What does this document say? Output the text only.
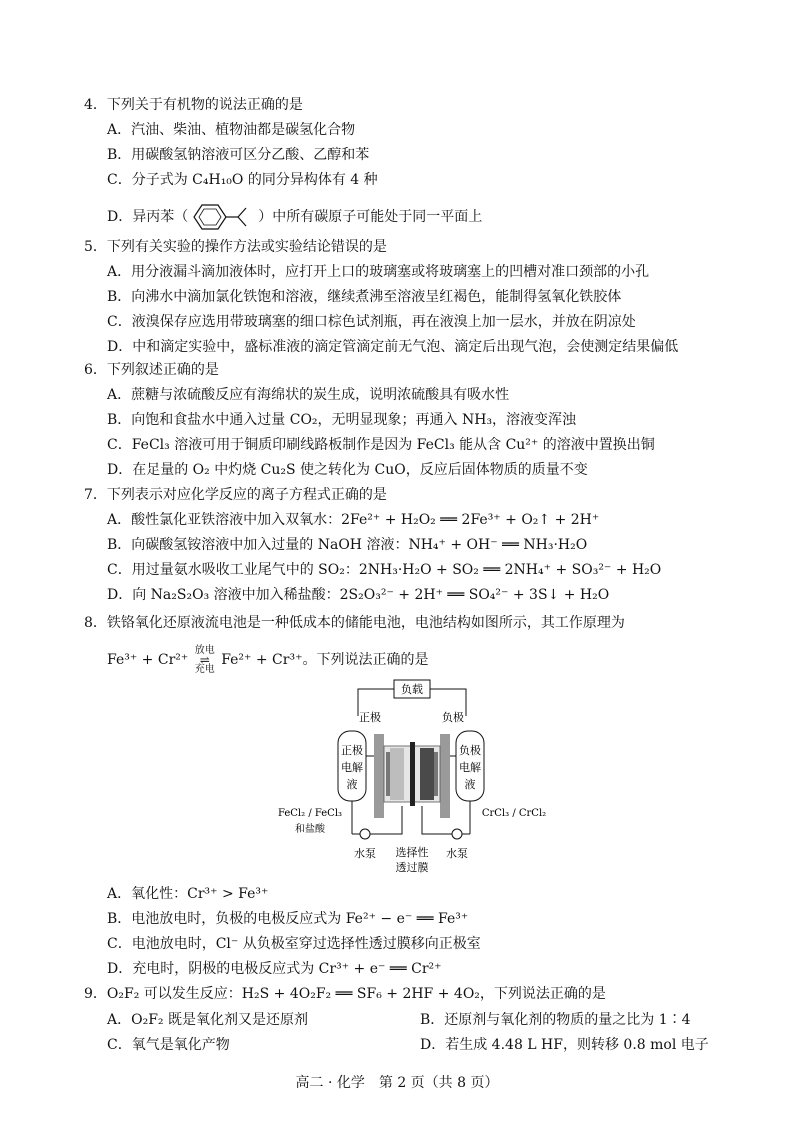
4．下列关于有机物的说法正确的是
A．汽油、柴油、植物油都是碳氢化合物
B．用碳酸氢钠溶液可区分乙酸、乙醇和苯
C．分子式为 C₄H₁₀O 的同分异构体有 4 种
D．异丙苯（	）中所有碳原子可能处于同一平面上
5．下列有关实验的操作方法或实验结论错误的是
A．用分液漏斗滴加液体时，应打开上口的玻璃塞或将玻璃塞上的凹槽对准口颈部的小孔
B．向沸水中滴加氯化铁饱和溶液，继续煮沸至溶液呈红褐色，能制得氢氧化铁胶体
C．液溴保存应选用带玻璃塞的细口棕色试剂瓶，再在液溴上加一层水，并放在阴凉处
D．中和滴定实验中，盛标准液的滴定管滴定前无气泡、滴定后出现气泡，会使测定结果偏低
6．下列叙述正确的是
A．蔗糖与浓硫酸反应有海绵状的炭生成，说明浓硫酸具有吸水性
B．向饱和食盐水中通入过量 CO₂，无明显现象；再通入 NH₃，溶液变浑浊
C．FeCl₃ 溶液可用于铜质印刷线路板制作是因为 FeCl₃ 能从含 Cu²⁺ 的溶液中置换出铜
D．在足量的 O₂ 中灼烧 Cu₂S 使之转化为 CuO，反应后固体物质的质量不变
7．下列表示对应化学反应的离子方程式正确的是
A．酸性氯化亚铁溶液中加入双氧水：2Fe²⁺ + H₂O₂ ══ 2Fe³⁺ + O₂↑ + 2H⁺
B．向碳酸氢铵溶液中加入过量的 NaOH 溶液：NH₄⁺ + OH⁻ ══ NH₃·H₂O
C．用过量氨水吸收工业尾气中的 SO₂：2NH₃·H₂O + SO₂ ══ 2NH₄⁺ + SO₃²⁻ + H₂O
D．向 Na₂S₂O₃ 溶液中加入稀盐酸：2S₂O₃²⁻ + 2H⁺ ══ SO₄²⁻ + 3S↓ + H₂O
8．铁铬氧化还原液流电池是一种低成本的储能电池，电池结构如图所示，其工作原理为
Fe³⁺ + Cr²⁺
放电
⇌
充电
Fe²⁺ + Cr³⁺。下列说法正确的是
负载
正极	负极
正极
电解
液
负极
电解
液
FeCl₂ / FeCl₃
和盐酸
CrCl₃ / CrCl₂
水泵	水泵
选择性
透过膜
A．氧化性：Cr³⁺ > Fe³⁺
B．电池放电时，负极的电极反应式为 Fe²⁺ − e⁻ ══ Fe³⁺
C．电池放电时，Cl⁻ 从负极室穿过选择性透过膜移向正极室
D．充电时，阴极的电极反应式为 Cr³⁺ + e⁻ ══ Cr²⁺
9．O₂F₂ 可以发生反应：H₂S + 4O₂F₂ ══ SF₆ + 2HF + 4O₂，下列说法正确的是
A．O₂F₂ 既是氧化剂又是还原剂	B．还原剂与氧化剂的物质的量之比为 1∶4
C．氧气是氧化产物	D．若生成 4.48 L HF，则转移 0.8 mol 电子
高二 · 化学　第 2 页（共 8 页）
